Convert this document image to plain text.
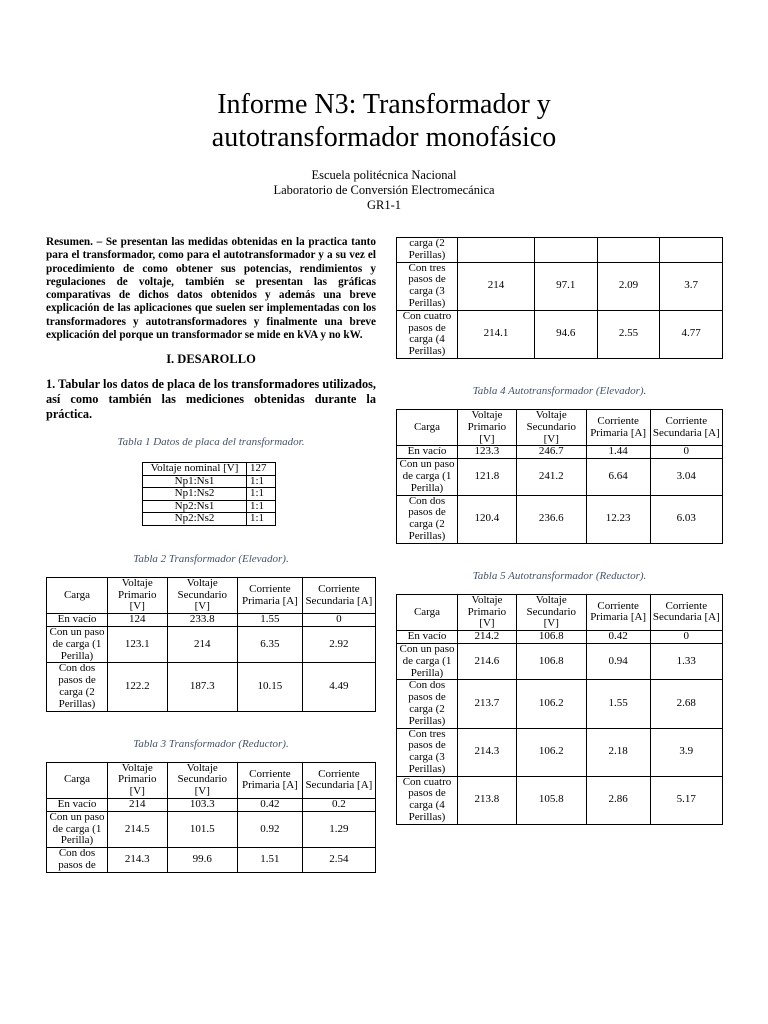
Informe N3: Transformador y
autotransformador monofásico
Escuela politécnica Nacional
Laboratorio de Conversión Electromecánica
GR1-1

Resumen. – Se presentan las medidas obtenidas en la practica tanto para el transformador, como para el autotransformador y a su vez el procedimiento de como obtener sus potencias, rendimientos y regulaciones de voltaje, también se presentan las gráficas comparativas de dichos datos obtenidos y además una breve explicación de las aplicaciones que suelen ser implementadas con los transformadores y autotransformadores y finalmente una breve explicación del porque un transformador se mide en kVA y no kW.

I. DESAROLLO

1. Tabular los datos de placa de los transformadores utilizados, así como también las mediciones obtenidas durante la práctica.

Tabla 1 Datos de placa del transformador.

Voltaje nominal [V]	127
Np1:Ns1	1:1
Np1:Ns2	1:1
Np2:Ns1	1:1
Np2:Ns2	1:1

Tabla 2 Transformador (Elevador).

Carga	Voltaje Primario [V]	Voltaje Secundario [V]	Corriente Primaria [A]	Corriente Secundaria [A]
En vacío	124	233.8	1.55	0
Con un paso de carga (1 Perilla)	123.1	214	6.35	2.92
Con dos pasos de carga (2 Perillas)	122.2	187.3	10.15	4.49

Tabla 3 Transformador (Reductor).

Carga	Voltaje Primario [V]	Voltaje Secundario [V]	Corriente Primaria [A]	Corriente Secundaria [A]
En vacío	214	103.3	0.42	0.2
Con un paso de carga (1 Perilla)	214.5	101.5	0.92	1.29
Con dos pasos de	214.3	99.6	1.51	2.54
carga (2 Perillas)				
Con tres pasos de carga (3 Perillas)	214	97.1	2.09	3.7
Con cuatro pasos de carga (4 Perillas)	214.1	94.6	2.55	4.77

Tabla 4 Autotransformador (Elevador).

Carga	Voltaje Primario [V]	Voltaje Secundario [V]	Corriente Primaria [A]	Corriente Secundaria [A]
En vacío	123.3	246.7	1.44	0
Con un paso de carga (1 Perilla)	121.8	241.2	6.64	3.04
Con dos pasos de carga (2 Perillas)	120.4	236.6	12.23	6.03

Tabla 5 Autotransformador (Reductor).

Carga	Voltaje Primario [V]	Voltaje Secundario [V]	Corriente Primaria [A]	Corriente Secundaria [A]
En vacío	214.2	106.8	0.42	0
Con un paso de carga (1 Perilla)	214.6	106.8	0.94	1.33
Con dos pasos de carga (2 Perillas)	213.7	106.2	1.55	2.68
Con tres pasos de carga (3 Perillas)	214.3	106.2	2.18	3.9
Con cuatro pasos de carga (4 Perillas)	213.8	105.8	2.86	5.17
